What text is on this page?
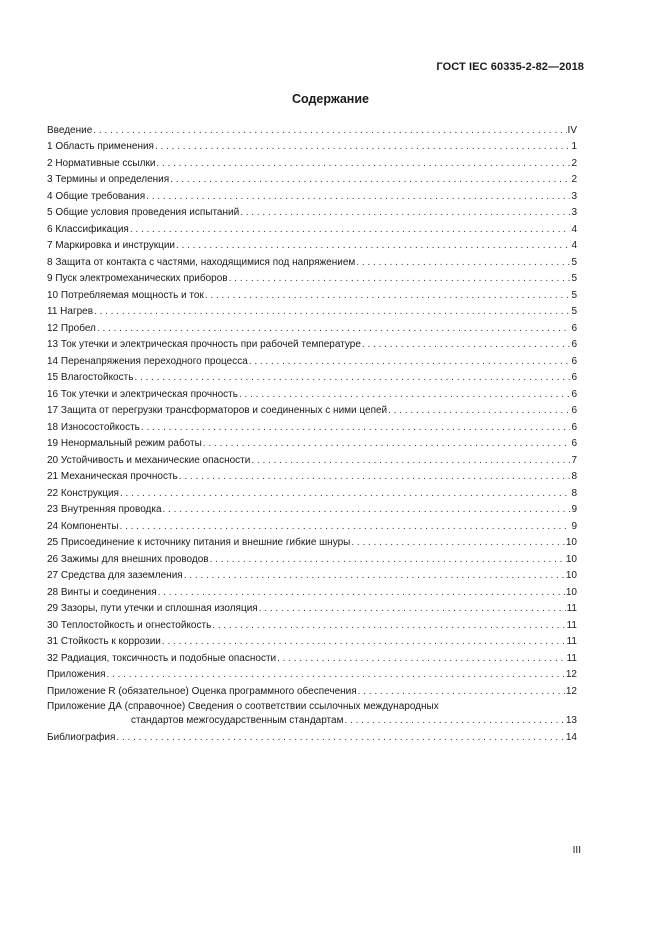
ГОСТ IEC 60335-2-82—2018
Содержание
Введение . . .	IV
1 Область применения . . .	1
2 Нормативные ссылки . . .	2
3 Термины и определения . . .	2
4 Общие требования . . .	3
5 Общие условия проведения испытаний . . .	3
6 Классификация . . .	4
7 Маркировка и инструкции . . .	4
8 Защита от контакта с частями, находящимися под напряжением . . .	5
9 Пуск электромеханических приборов . . .	5
10 Потребляемая мощность и ток . . .	5
11 Нагрев . . .	5
12 Пробел . . .	6
13 Ток утечки и электрическая прочность при рабочей температуре . . .	6
14 Перенапряжения переходного процесса . . .	6
15 Влагостойкость . . .	6
16 Ток утечки и электрическая прочность . . .	6
17 Защита от перегрузки трансформаторов и соединенных с ними цепей . . .	6
18 Износостойкость . . .	6
19 Ненормальный режим работы . . .	6
20 Устойчивость и механические опасности . . .	7
21 Механическая прочность . . .	8
22 Конструкция . . .	8
23 Внутренняя проводка . . .	9
24 Компоненты . . .	9
25 Присоединение к источнику питания и внешние гибкие шнуры . . .	10
26 Зажимы для внешних проводов . . .	10
27 Средства для заземления . . .	10
28 Винты и соединения . . .	10
29 Зазоры, пути утечки и сплошная изоляция . . .	11
30 Теплостойкость и огнестойкость . . .	11
31 Стойкость к коррозии . . .	11
32 Радиация, токсичность и подобные опасности . . .	11
Приложения . . .	12
Приложение R (обязательное) Оценка программного обеспечения . . .	12
Приложение ДА (справочное) Сведения о соответствии ссылочных международных
стандартов межгосударственным стандартам . . .	13
Библиография . . .	14
III
